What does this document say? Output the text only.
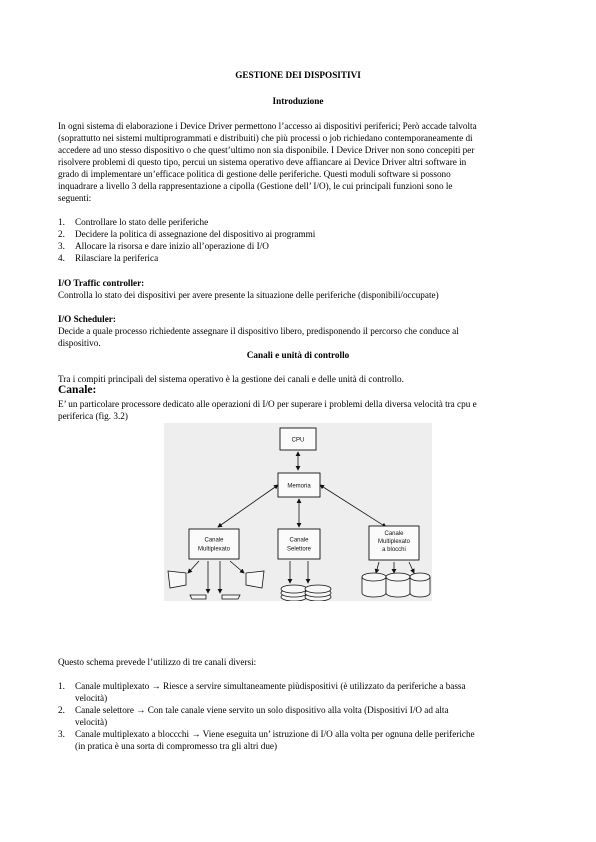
GESTIONE DEI DISPOSITIVI
Introduzione
In ogni sistema di elaborazione i Device Driver permettono l’accesso ai dispositivi periferici; Però accade talvolta
(soprattutto nei sistemi multiprogrammati e distribuiti) che più processi o job richiedano contemporaneamente di
accedere ad uno stesso dispositivo o che quest’ultimo non sia disponibile. I Device Driver non sono concepiti per
risolvere problemi di questo tipo, percui un sistema operativo deve affiancare ai Device Driver altri software in
grado di implementare un’efficace politica di gestione delle periferiche. Questi moduli software si possono
inquadrare a livello 3 della rappresentazione a cipolla (Gestione dell’ I/O), le cui principali funzioni sono le
seguenti:
1. Controllare lo stato delle periferiche
2. Decidere la politica di assegnazione del dispositivo ai programmi
3. Allocare la risorsa e dare inizio all’operazione di I/O
4. Rilasciare la periferica
I/O Traffic controller:
Controlla lo stato dei dispositivi per avere presente la situazione delle periferiche (disponibili/occupate)
I/O Scheduler:
Decide a quale processo richiedente assegnare il dispositivo libero, predisponendo il percorso che conduce al
dispositivo.
Canali e unità di controllo
Tra i compiti principali del sistema operativo è la gestione dei canali e delle unità di controllo.
Canale:
E’ un particolare processore dedicato alle operazioni di I/O per superare i problemi della diversa velocità tra cpu e
periferica (fig. 3.2)
CPU
Memoria
Canale
Multiplexato
Canale
Selettore
Canale
Multiplexato
a blocchi
Questo schema prevede l’utilizzo di tre canali diversi:
1. Canale multiplexato → Riesce a servire simultaneamente piùdispositivi (è utilizzato da periferiche a bassa
velocità)
2. Canale selettore → Con tale canale viene servito un solo dispositivo alla volta (Dispositivi I/O ad alta
velocità)
3. Canale multiplexato a bloccchi → Viene eseguita un’ istruzione di I/O alla volta per ognuna delle periferiche
(in pratica è una sorta di compromesso tra gli altri due)
